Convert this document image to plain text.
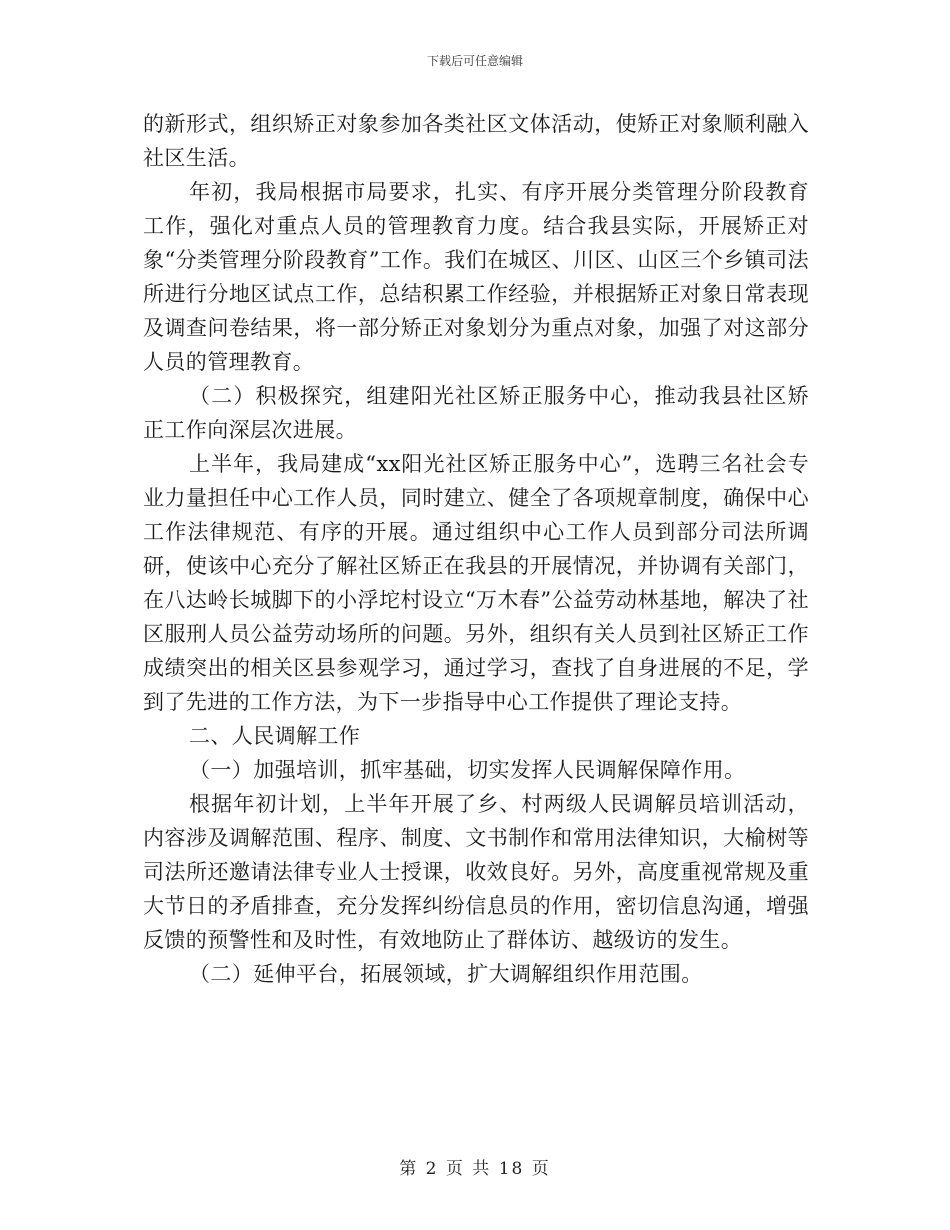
下载后可任意编辑

的新形式，组织矫正对象参加各类社区文体活动，使矫正对象顺利融入社区生活。

年初，我局根据市局要求，扎实、有序开展分类管理分阶段教育工作，强化对重点人员的管理教育力度。结合我县实际，开展矫正对象“分类管理分阶段教育”工作。我们在城区、川区、山区三个乡镇司法所进行分地区试点工作，总结积累工作经验，并根据矫正对象日常表现及调查问卷结果，将一部分矫正对象划分为重点对象，加强了对这部分人员的管理教育。

（二）积极探究，组建阳光社区矫正服务中心，推动我县社区矫正工作向深层次进展。

上半年，我局建成“xx阳光社区矫正服务中心”，选聘三名社会专业力量担任中心工作人员，同时建立、健全了各项规章制度，确保中心工作法律规范、有序的开展。通过组织中心工作人员到部分司法所调研，使该中心充分了解社区矫正在我县的开展情况，并协调有关部门，在八达岭长城脚下的小浮坨村设立“万木春”公益劳动林基地，解决了社区服刑人员公益劳动场所的问题。另外，组织有关人员到社区矫正工作成绩突出的相关区县参观学习，通过学习，查找了自身进展的不足，学到了先进的工作方法，为下一步指导中心工作提供了理论支持。

二、人民调解工作

（一）加强培训，抓牢基础，切实发挥人民调解保障作用。

根据年初计划，上半年开展了乡、村两级人民调解员培训活动，内容涉及调解范围、程序、制度、文书制作和常用法律知识，大榆树等司法所还邀请法律专业人士授课，收效良好。另外，高度重视常规及重大节日的矛盾排查，充分发挥纠纷信息员的作用，密切信息沟通，增强反馈的预警性和及时性，有效地防止了群体访、越级访的发生。

（二）延伸平台，拓展领域，扩大调解组织作用范围。

第 2 页 共 18 页
